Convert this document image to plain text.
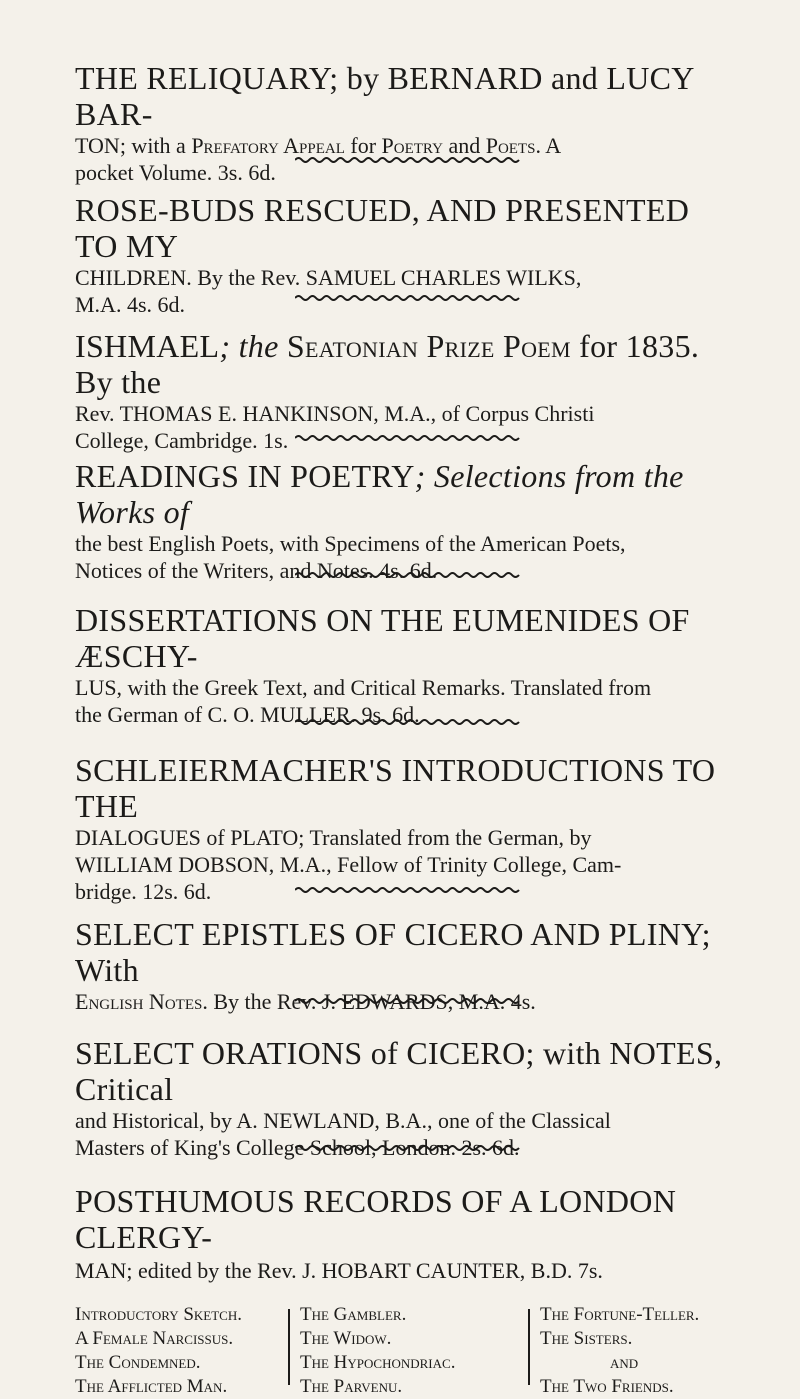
THE RELIQUARY; by BERNARD and LUCY BAR-

TON; with a Prefatory Appeal for Poetry and Poets. A

pocket Volume. 3s. 6d.

ROSE-BUDS RESCUED, AND PRESENTED TO MY

CHILDREN. By the Rev. SAMUEL CHARLES WILKS,

M.A. 4s. 6d.

ISHMAEL; the Seatonian Prize Poem for 1835. By the

Rev. THOMAS E. HANKINSON, M.A., of Corpus Christi

College, Cambridge. 1s.

READINGS IN POETRY; Selections from the Works of

the best English Poets, with Specimens of the American Poets,

Notices of the Writers, and Notes. 4s. 6d.

DISSERTATIONS ON THE EUMENIDES OF ÆSCHY-

LUS, with the Greek Text, and Critical Remarks. Translated from

the German of C. O. MULLER. 9s. 6d.

SCHLEIERMACHER'S INTRODUCTIONS TO THE

DIALOGUES of PLATO; Translated from the German, by

WILLIAM DOBSON, M.A., Fellow of Trinity College, Cam-

bridge. 12s. 6d.

SELECT EPISTLES OF CICERO AND PLINY; With

English Notes. By the Rev. J. EDWARDS, M.A. 4s.

SELECT ORATIONS of CICERO; with NOTES, Critical

and Historical, by A. NEWLAND, B.A., one of the Classical

Masters of King's College School, London. 2s. 6d.

POSTHUMOUS RECORDS OF A LONDON CLERGY-

MAN; edited by the Rev. J. HOBART CAUNTER, B.D. 7s.

Introductory Sketch.
A Female Narcissus.
The Condemned.
The Afflicted Man.
The Gambler.
The Widow.
The Hypochondriac.
The Parvenu.
The Fortune-Teller.
The Sisters.
and
The Two Friends.
